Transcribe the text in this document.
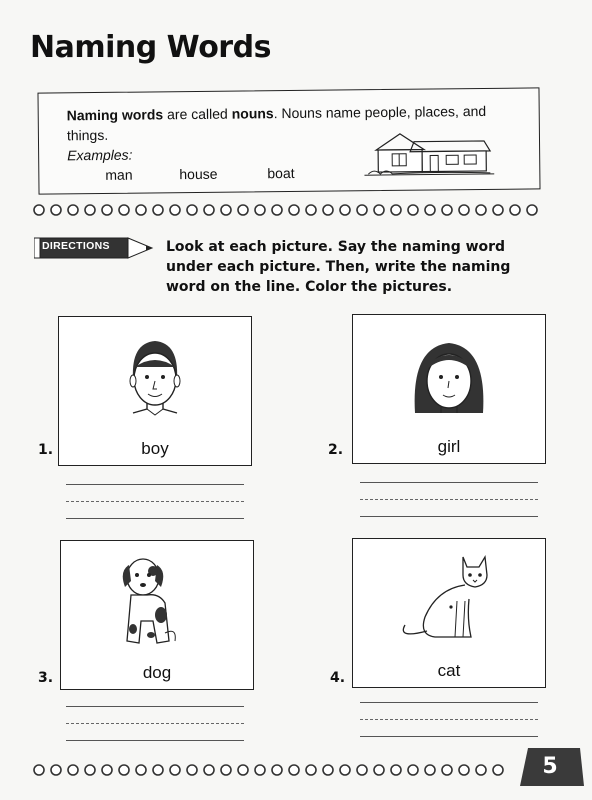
Naming Words
Naming words are called nouns. Nouns name people, places, and things.
Examples:
man	house	boat
DIRECTIONS	Look at each picture. Say the naming word under each picture. Then, write the naming word on the line. Color the pictures.
1.	boy	2.	girl
3.	dog	4.	cat
5
